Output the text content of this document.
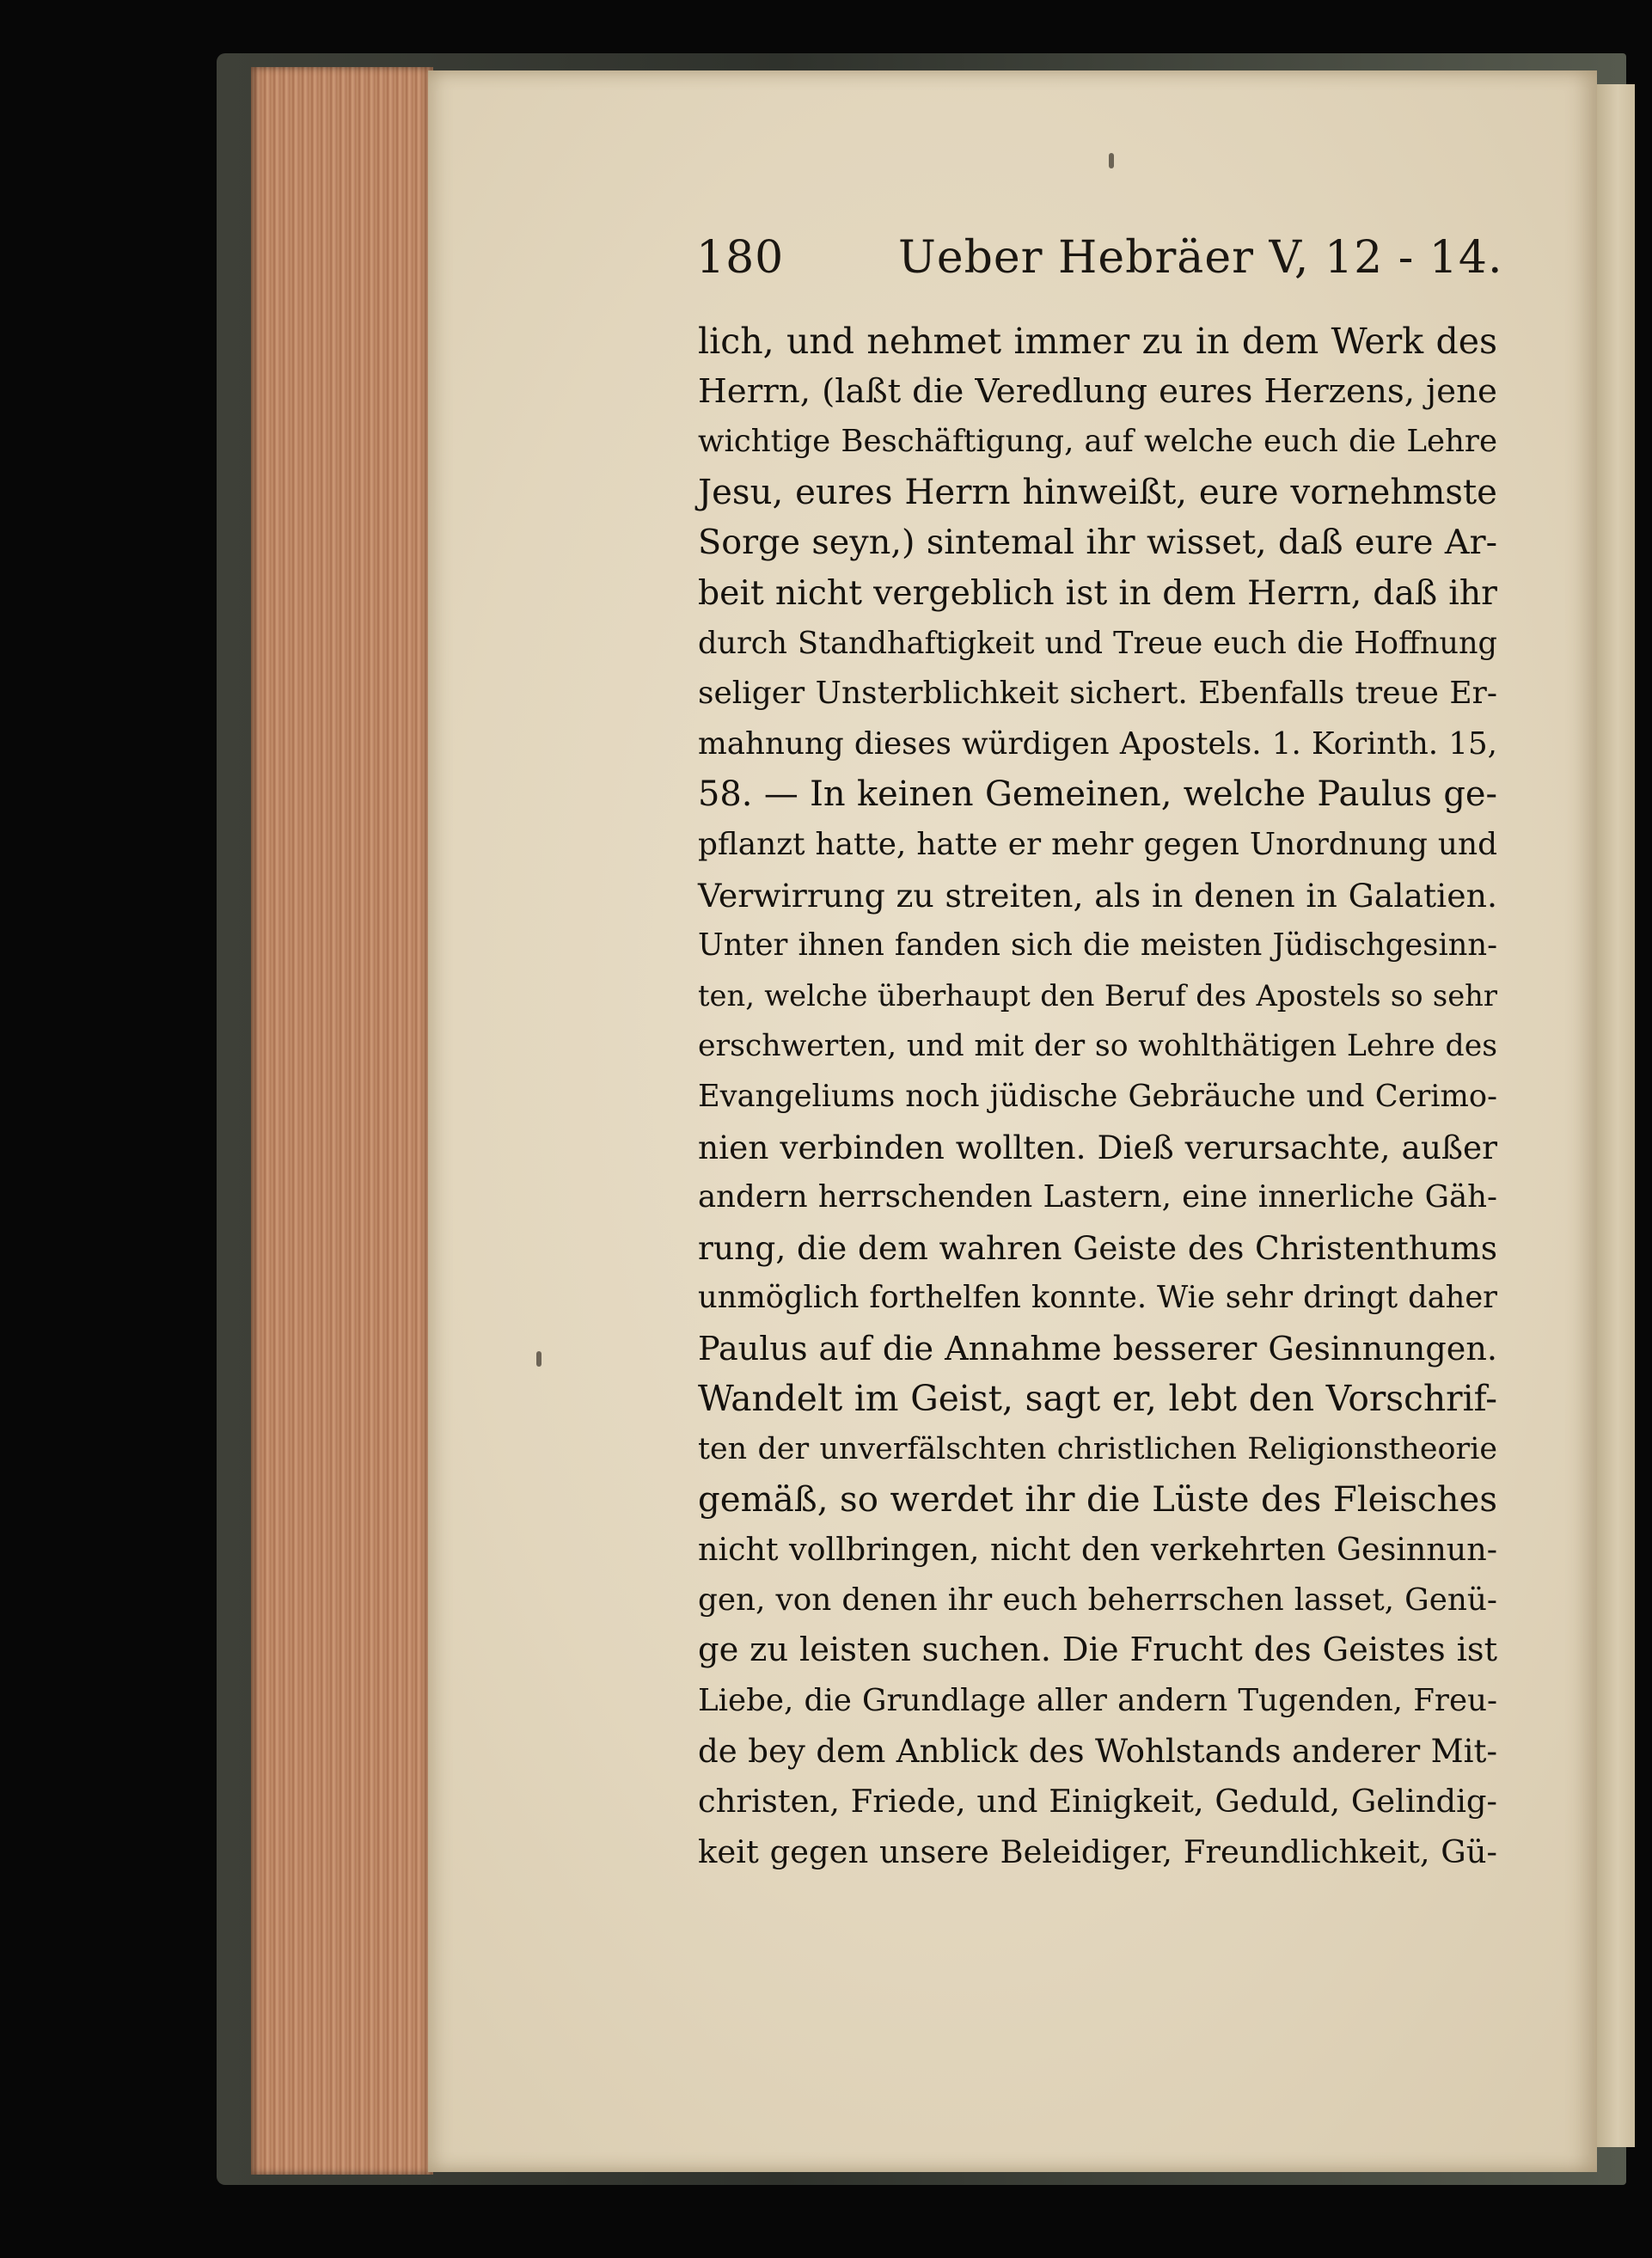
180	Ueber Hebräer V, 12 - 14.
lich, und nehmet immer zu in dem Werk des
Herrn, (laßt die Veredlung eures Herzens, jene
wichtige Beschäftigung, auf welche euch die Lehre
Jesu, eures Herrn hinweißt, eure vornehmste
Sorge seyn,) sintemal ihr wisset, daß eure Ar-
beit nicht vergeblich ist in dem Herrn, daß ihr
durch Standhaftigkeit und Treue euch die Hoffnung
seliger Unsterblichkeit sichert. Ebenfalls treue Er-
mahnung dieses würdigen Apostels. 1. Korinth. 15,
58. — In keinen Gemeinen, welche Paulus ge-
pflanzt hatte, hatte er mehr gegen Unordnung und
Verwirrung zu streiten, als in denen in Galatien.
Unter ihnen fanden sich die meisten Jüdischgesinn-
ten, welche überhaupt den Beruf des Apostels so sehr
erschwerten, und mit der so wohlthätigen Lehre des
Evangeliums noch jüdische Gebräuche und Cerimo-
nien verbinden wollten. Dieß verursachte, außer
andern herrschenden Lastern, eine innerliche Gäh-
rung, die dem wahren Geiste des Christenthums
unmöglich forthelfen konnte. Wie sehr dringt daher
Paulus auf die Annahme besserer Gesinnungen.
Wandelt im Geist, sagt er, lebt den Vorschrif-
ten der unverfälschten christlichen Religionstheorie
gemäß, so werdet ihr die Lüste des Fleisches
nicht vollbringen, nicht den verkehrten Gesinnun-
gen, von denen ihr euch beherrschen lasset, Genü-
ge zu leisten suchen. Die Frucht des Geistes ist
Liebe, die Grundlage aller andern Tugenden, Freu-
de bey dem Anblick des Wohlstands anderer Mit-
christen, Friede, und Einigkeit, Geduld, Gelindig-
keit gegen unsere Beleidiger, Freundlichkeit, Gü-
